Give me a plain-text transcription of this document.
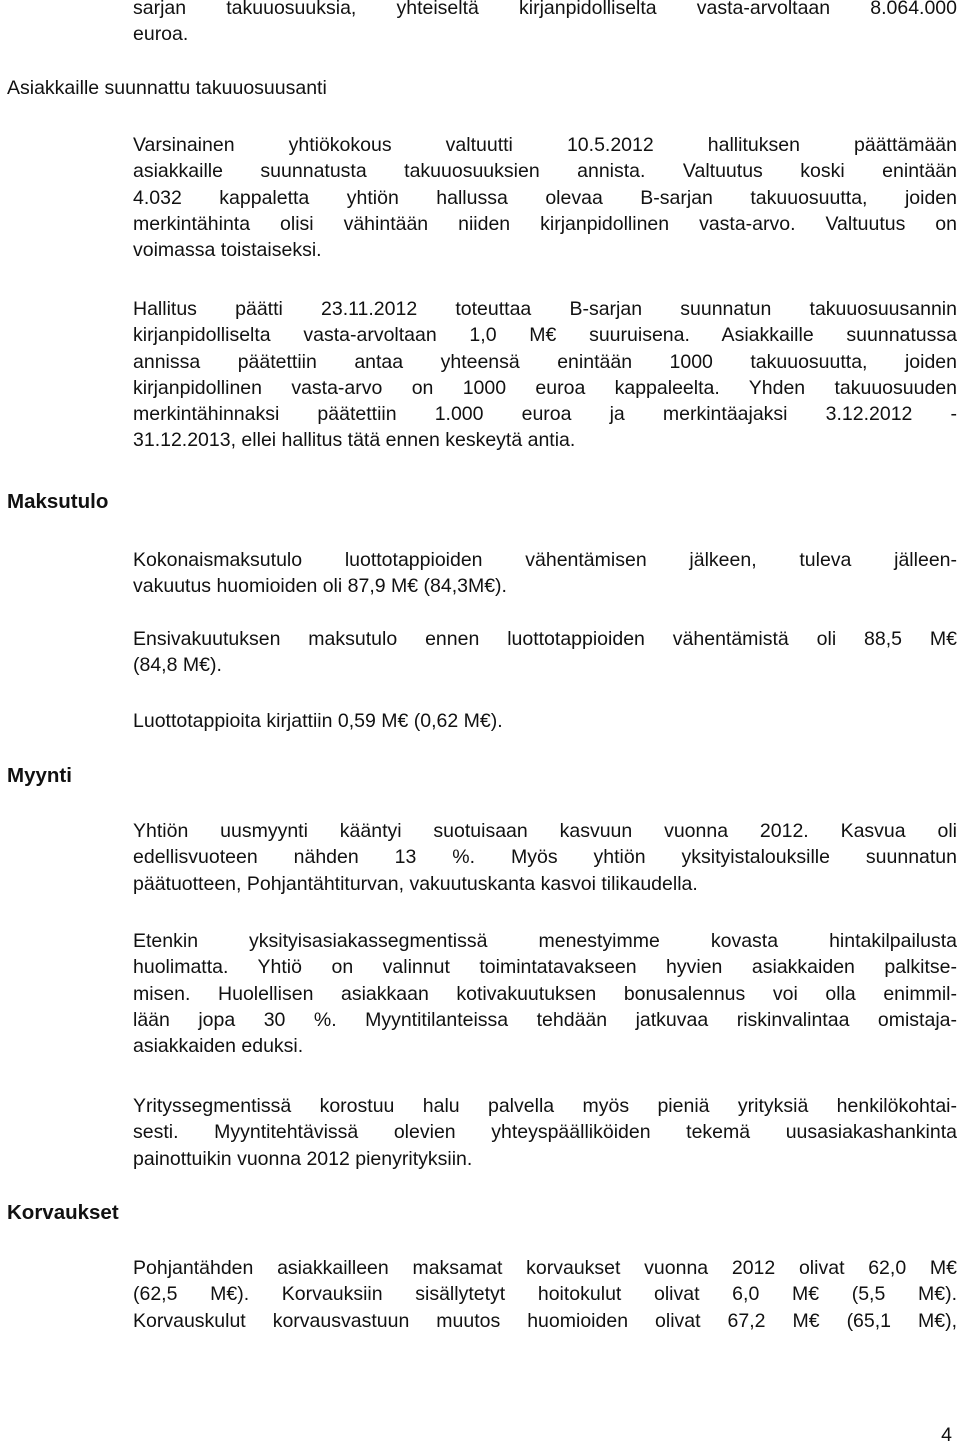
sarjan takuuosuuksia, yhteiseltä kirjanpidolliselta vasta-arvoltaan 8.064.000
euroa.
Asiakkaille suunnattu takuuosuusanti
Varsinainen yhtiökokous valtuutti 10.5.2012 hallituksen päättämään
asiakkaille suunnatusta takuuosuuksien annista. Valtuutus koski enintään
4.032 kappaletta yhtiön hallussa olevaa B-sarjan takuuosuutta, joiden
merkintähinta olisi vähintään niiden kirjanpidollinen vasta-arvo. Valtuutus on
voimassa toistaiseksi.
Hallitus päätti 23.11.2012 toteuttaa B-sarjan suunnatun takuuosuusannin
kirjanpidolliselta vasta-arvoltaan 1,0 M€ suuruisena. Asiakkaille suunnatussa
annissa päätettiin antaa yhteensä enintään 1000 takuuosuutta, joiden
kirjanpidollinen vasta-arvo on 1000 euroa kappaleelta. Yhden takuuosuuden
merkintähinnaksi päätettiin 1.000 euroa ja merkintäajaksi 3.12.2012 -
31.12.2013, ellei hallitus tätä ennen keskeytä antia.
Maksutulo
Kokonaismaksutulo luottotappioiden vähentämisen jälkeen, tuleva jälleen-
vakuutus huomioiden oli 87,9 M€ (84,3M€).
Ensivakuutuksen maksutulo ennen luottotappioiden vähentämistä oli 88,5 M€
(84,8 M€).
Luottotappioita kirjattiin 0,59 M€ (0,62 M€).
Myynti
Yhtiön uusmyynti kääntyi suotuisaan kasvuun vuonna 2012. Kasvua oli
edellisvuoteen nähden 13 %. Myös yhtiön yksityistalouksille suunnatun
päätuotteen, Pohjantähtiturvan, vakuutuskanta kasvoi tilikaudella.
Etenkin yksityisasiakassegmentissä menestyimme kovasta hintakilpailusta
huolimatta. Yhtiö on valinnut toimintatavakseen hyvien asiakkaiden palkitse-
misen. Huolellisen asiakkaan kotivakuutuksen bonusalennus voi olla enimmil-
lään jopa 30 %. Myyntitilanteissa tehdään jatkuvaa riskinvalintaa omistaja-
asiakkaiden eduksi.
Yrityssegmentissä korostuu halu palvella myös pieniä yrityksiä henkilökohtai-
sesti. Myyntitehtävissä olevien yhteyspäälliköiden tekemä uusasiakashankinta
painottuikin vuonna 2012 pienyrityksiin.
Korvaukset
Pohjantähden asiakkailleen maksamat korvaukset vuonna 2012 olivat 62,0 M€
(62,5 M€). Korvauksiin sisällytetyt hoitokulut olivat 6,0 M€ (5,5 M€).
Korvauskulut korvausvastuun muutos huomioiden olivat 67,2 M€ (65,1 M€),
4
